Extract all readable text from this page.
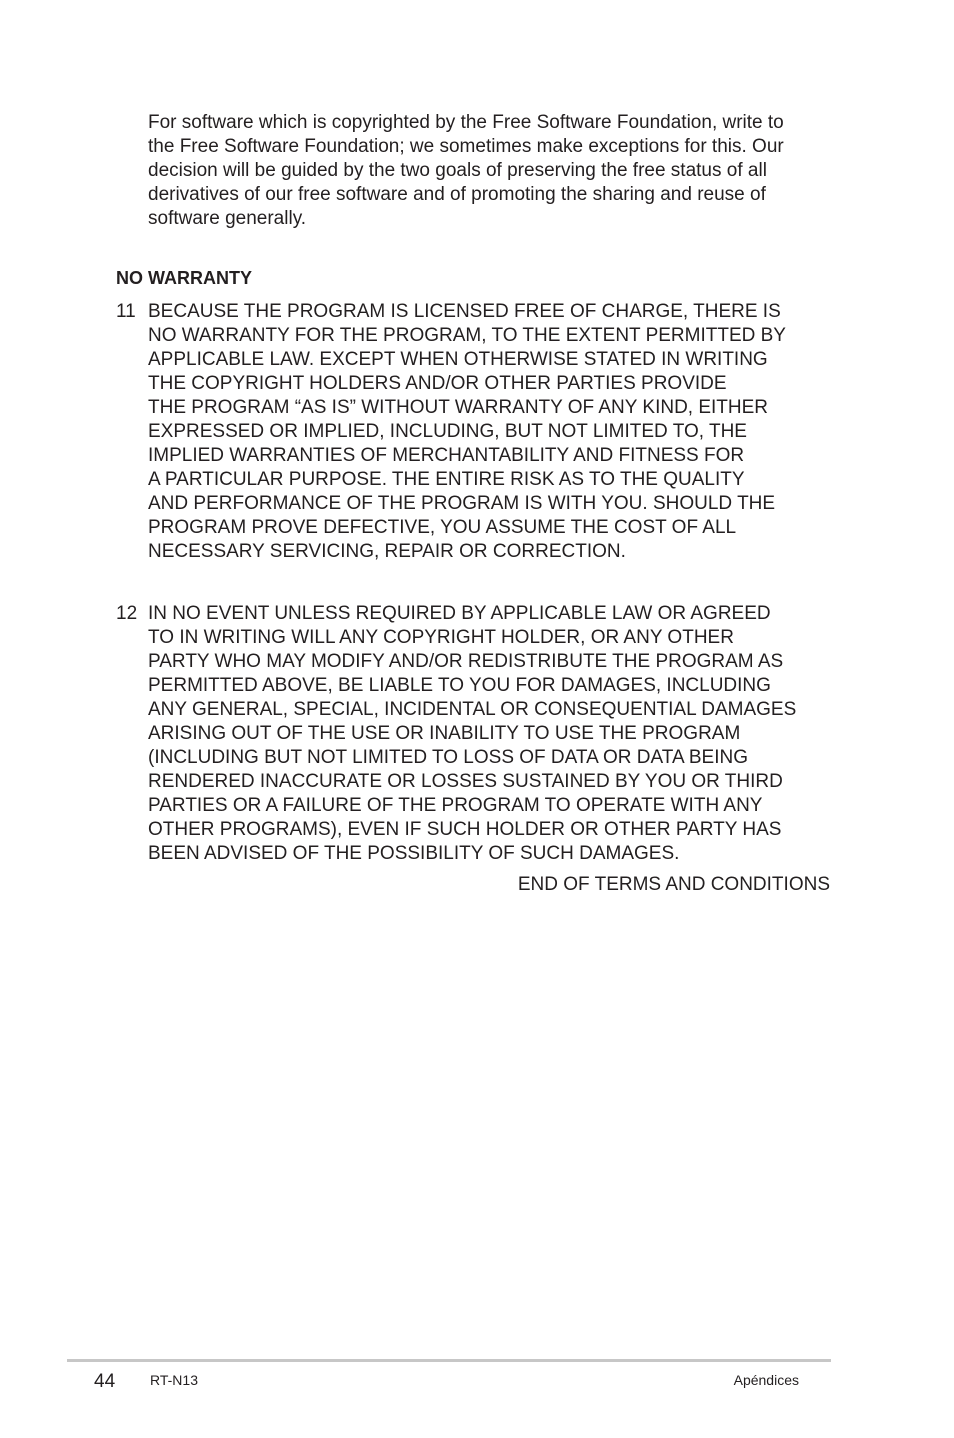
For software which is copyrighted by the Free Software Foundation, write to
the Free Software Foundation; we sometimes make exceptions for this. Our
decision will be guided by the two goals of preserving the free status of all
derivatives of our free software and of promoting the sharing and reuse of
software generally.
NO WARRANTY
11 BECAUSE THE PROGRAM IS LICENSED FREE OF CHARGE, THERE IS
NO WARRANTY FOR THE PROGRAM, TO THE EXTENT PERMITTED BY
APPLICABLE LAW. EXCEPT WHEN OTHERWISE STATED IN WRITING
THE COPYRIGHT HOLDERS AND/OR OTHER PARTIES PROVIDE
THE PROGRAM “AS IS” WITHOUT WARRANTY OF ANY KIND, EITHER
EXPRESSED OR IMPLIED, INCLUDING, BUT NOT LIMITED TO, THE
IMPLIED WARRANTIES OF MERCHANTABILITY AND FITNESS FOR
A PARTICULAR PURPOSE. THE ENTIRE RISK AS TO THE QUALITY
AND PERFORMANCE OF THE PROGRAM IS WITH YOU. SHOULD THE
PROGRAM PROVE DEFECTIVE, YOU ASSUME THE COST OF ALL
NECESSARY SERVICING, REPAIR OR CORRECTION.
12 IN NO EVENT UNLESS REQUIRED BY APPLICABLE LAW OR AGREED
TO IN WRITING WILL ANY COPYRIGHT HOLDER, OR ANY OTHER
PARTY WHO MAY MODIFY AND/OR REDISTRIBUTE THE PROGRAM AS
PERMITTED ABOVE, BE LIABLE TO YOU FOR DAMAGES, INCLUDING
ANY GENERAL, SPECIAL, INCIDENTAL OR CONSEQUENTIAL DAMAGES
ARISING OUT OF THE USE OR INABILITY TO USE THE PROGRAM
(INCLUDING BUT NOT LIMITED TO LOSS OF DATA OR DATA BEING
RENDERED INACCURATE OR LOSSES SUSTAINED BY YOU OR THIRD
PARTIES OR A FAILURE OF THE PROGRAM TO OPERATE WITH ANY
OTHER PROGRAMS), EVEN IF SUCH HOLDER OR OTHER PARTY HAS
BEEN ADVISED OF THE POSSIBILITY OF SUCH DAMAGES.
END OF TERMS AND CONDITIONS
44 RT-N13	Apéndices
